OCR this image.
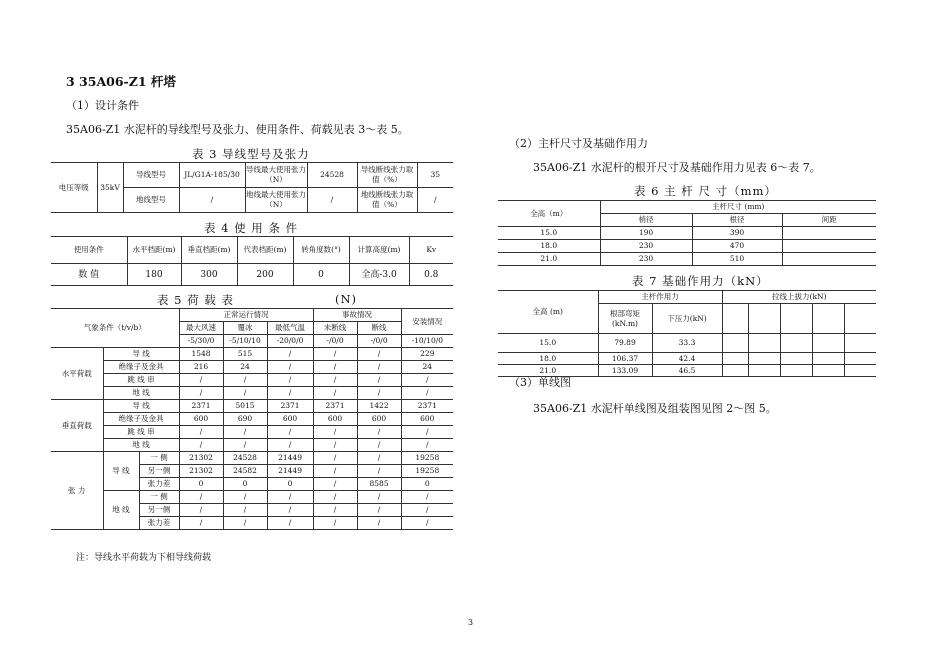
3 35A06-Z1 杆塔
（1）设计条件
35A06-Z1 水泥杆的导线型号及张力、使用条件、荷载见表 3～表 5。
表 3 导线型号及张力
电压等级	35kV	导线型号	JL/G1A-185/30	导线最大使用张力（N）	24528	导线断线张力取值（%）	35
		地线型号	/	地线最大使用张力（N）	/	地线断线张力取值（%）	/
表 4 使 用 条 件
使用条件	水平档距(m)	垂直档距(m)	代表档距(m)	转角度数(°)	计算高度(m)	Kv
数 值	180	300	200	0	全高-3.0	0.8
表 5 荷 载 表	(N)
气象条件（t/v/b）			正常运行情况			事故情况		安装情况
			最大风速	覆冰	最低气温	未断线	断线	
			-5/30/0	-5/10/10	-20/0/0	-/0/0	-/0/0	-10/10/0
水平荷载	导 线		1548	515	/	/	/	229
	绝缘子及金具		216	24	/	/	/	24
	跳 线 串		/	/	/	/	/	/
	地 线		/	/	/	/	/	/
垂直荷载	导 线		2371	5015	2371	2371	1422	2371
	绝缘子及金具		600	690	600	600	600	600
	跳 线 串		/	/	/	/	/	/
	地 线		/	/	/	/	/	/
张 力	导 线	一 侧	21302	24528	21449	/	/	19258
		另一侧	21302	24582	21449	/	/	19258
		张力差	0	0	0	/	8585	0
	地 线	一 侧	/	/	/	/	/	/
		另一侧	/	/	/	/	/	/
		张力差	/	/	/	/	/	/
注：导线水平荷载为下相导线荷载
（2）主杆尺寸及基础作用力
35A06-Z1 水泥杆的根开尺寸及基础作用力见表 6～表 7。
表 6 主 杆 尺 寸（mm）
全高（m）	主杆尺寸 (mm)		
	梢径	根径	间距
15.0	190	390	
18.0	230	470	
21.0	230	510	
表 7 基础作用力（kN）
全高 (m)	主杆作用力		拉线上拔力(kN)				
	根部弯矩(kN.m)	下压力(kN)					
15.0	79.89	33.3					
18.0	106.37	42.4					
21.0	133.09	46.5					
（3）单线图
35A06-Z1 水泥杆单线图及组装图见图 2～图 5。
3
